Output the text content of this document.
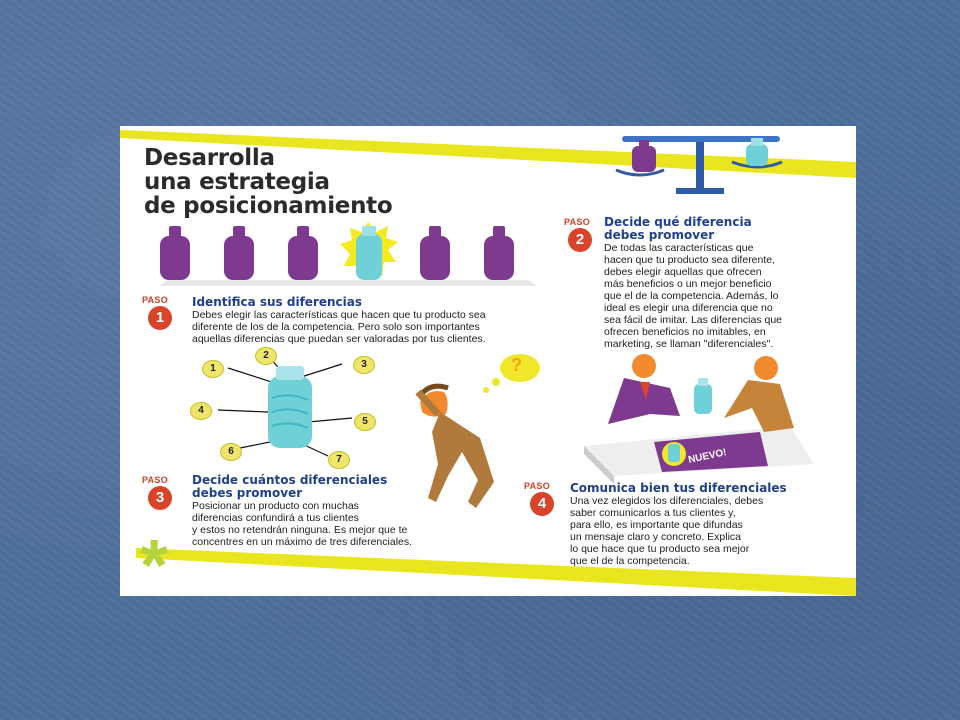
Desarrolla
una estrategia
de posicionamiento
PASO
1
Identifica sus diferencias
Debes elegir las características que hacen que tu producto sea
diferente de los de la competencia. Pero solo son importantes
aquellas diferencias que puedan ser valoradas por tus clientes.
PASO
2
Decide qué diferencia
debes promover
De todas las características que
hacen que tu producto sea diferente,
debes elegir aquellas que ofrecen
más beneficios o un mejor beneficio
que el de la competencia. Además, lo
ideal es elegir una diferencia que no
sea fácil de imitar. Las diferencias que
ofrecen beneficios no imitables, en
marketing, se llaman "diferenciales".
1
2
3
4
5
6
7
?
NUEVO!
PASO
3
Decide cuántos diferenciales
debes promover
Posicionar un producto con muchas
diferencias confundirá a tus clientes
y estos no retendrán ninguna. Es mejor que te
concentres en un máximo de tres diferenciales.
PASO
4
Comunica bien tus diferenciales
Una vez elegidos los diferenciales, debes
saber comunicarlos a tus clientes y,
para ello, es importante que difundas
un mensaje claro y concreto. Explica
lo que hace que tu producto sea mejor
que el de la competencia.
*
